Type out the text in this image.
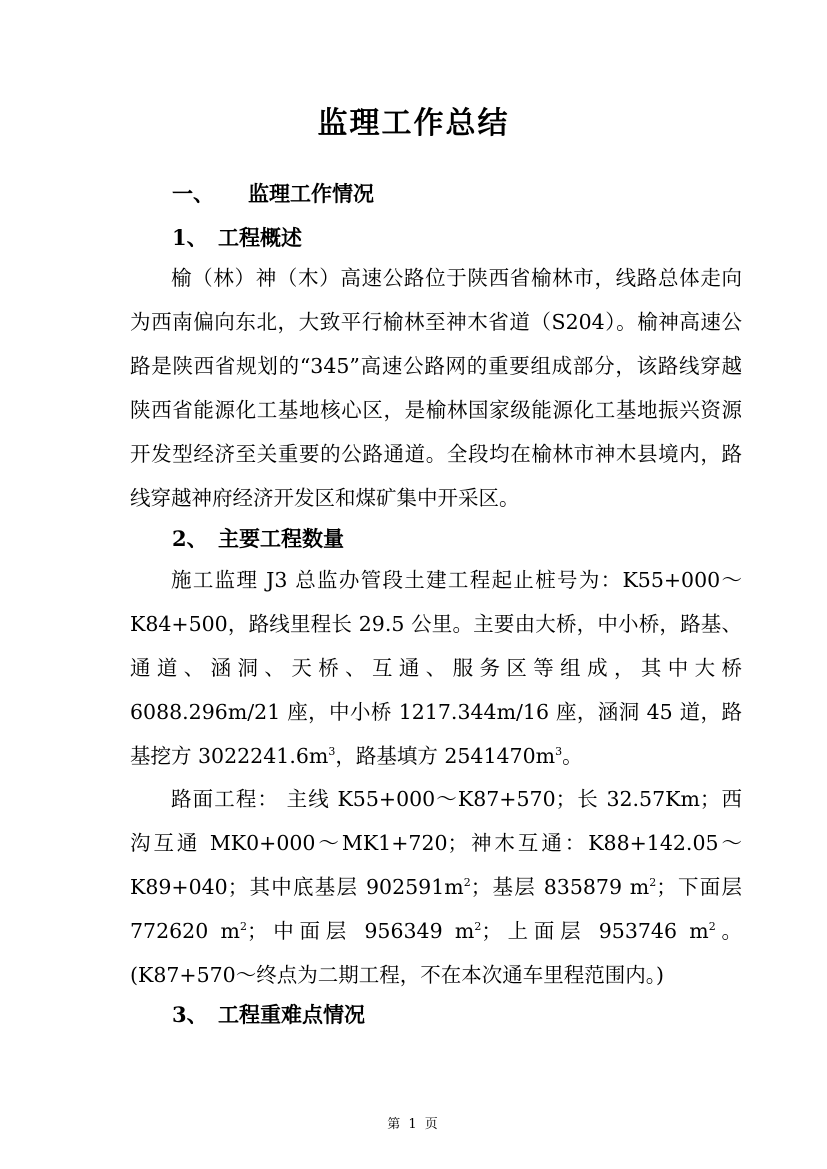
监理工作总结
一、 监理工作情况
1、 工程概述

榆（林）神（木）高速公路位于陕西省榆林市，线路总体走向为西南偏向东北，大致平行榆林至神木省道（S204）。榆神高速公路是陕西省规划的“345”高速公路网的重要组成部分，该路线穿越陕西省能源化工基地核心区，是榆林国家级能源化工基地振兴资源开发型经济至关重要的公路通道。全段均在榆林市神木县境内，路线穿越神府经济开发区和煤矿集中开采区。

2、 主要工程数量

施工监理 J3 总监办管段土建工程起止桩号为：K55+000～K84+500，路线里程长 29.5 公里。主要由大桥，中小桥，路基、通道、涵洞、天桥、互通、服务区等组成，其中大桥 6088.296m/21 座，中小桥 1217.344m/16 座，涵洞 45 道，路基挖方 $3022241.6m^3$，路基填方 $2541470m^3$。

路面工程： 主线 K55+000～K87+570；长 32.57Km；西沟互通 MK0+000～MK1+720；神木互通：K88+142.05～K89+040；其中底基层 $902591m^2$；基层 835879 $m^2$；下面层 772620 $m^2$；中面层 956349 $m^2$；上面层 953746 $m^2$。(K87+570～终点为二期工程，不在本次通车里程范围内。)

3、 工程重难点情况
第 1 页
